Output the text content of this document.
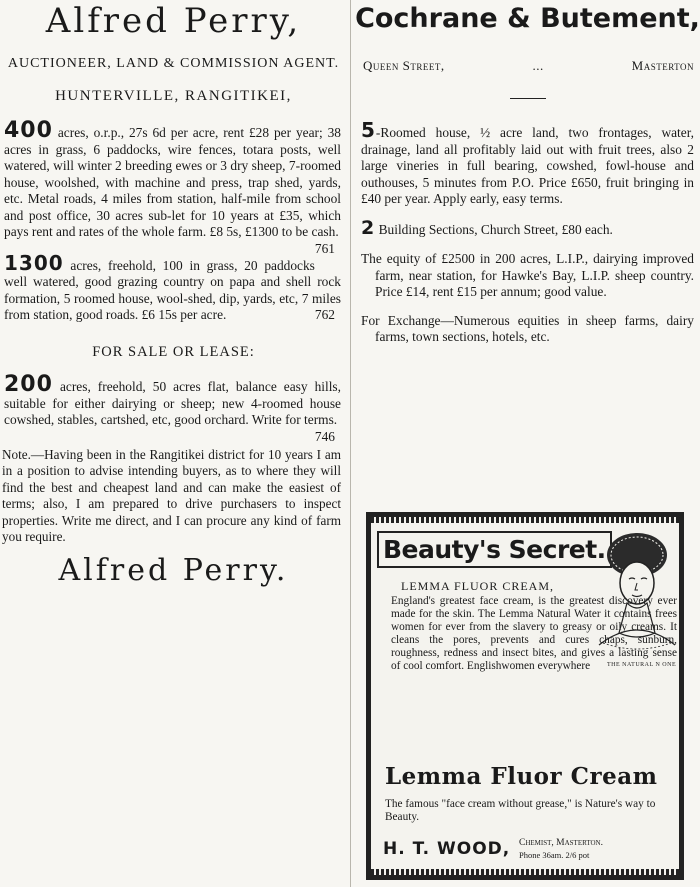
Alfred Perry,
AUCTIONEER, LAND & COMMISSION AGENT.
HUNTERVILLE, RANGITIKEI,

400 acres, o.r.p., 27s 6d per acre, rent £28 per year; 38 acres in grass, 6 paddocks, wire fences, totara posts, well watered, will winter 2 breeding ewes or 3 dry sheep, 7-roomed house, woolshed, with machine and press, trap shed, yards, etc. Metal roads, 4 miles from station, half-mile from school and post office, 30 acres sub-let for 10 years at £35, which pays rent and rates of the whole farm. £8 5s, £1300 to be cash.
761

1300 acres, freehold, 100 in grass, 20 paddocks well watered, good grazing country on papa and shell rock formation, 5 roomed house, wool-shed, dip, yards, etc, 7 miles from station, good roads. £6 15s per acre.	762

FOR SALE OR LEASE:

200 acres, freehold, 50 acres flat, balance easy hills, suitable for either dairying or sheep; new 4-roomed house cowshed, stables, cartshed, etc, good orchard. Write for terms.
746

Note.—Having been in the Rangitikei district for 10 years I am in a position to advise intending buyers, as to where they will find the best and cheapest land and can make the easiest of terms; also, I am prepared to drive purchasers to inspect properties. Write me direct, and I can procure any kind of farm you require.

Alfred Perry.
Cochrane & Butement,
Queen Street,	...	Masterton

5-Roomed house, ½ acre land, two frontages, water, drainage, land all profitably laid out with fruit trees, also 2 large vineries in full bearing, cowshed, fowl-house and outhouses, 5 minutes from P.O. Price £650, fruit bringing in £40 per year. Apply early, easy terms.

2 Building Sections, Church Street, £80 each.

The equity of £2500 in 200 acres, L.I.P., dairying improved farm, near station, for Hawke's Bay, L.I.P. sheep country. Price £14, rent £15 per annum; good value.

For Exchange—Numerous equities in sheep farms, dairy farms, town sections, hotels, etc.

Beauty's Secret.
THE NATURAL N ONE
LEMMA FLUOR CREAM,
England's greatest face cream, is the greatest discovery ever made for the skin. The Lemma Natural Water it contains frees women for ever from the slavery to greasy or oily creams. It cleans the pores, prevents and cures chaps, sunburn, roughness, redness and insect bites, and gives a lasting sense of cool comfort. Englishwomen everywhere
Lemma Fluor Cream
The famous "face cream without grease," is Nature's way to Beauty.
H. T. WOOD, Chemist, Masterton.
Phone 36am. 2/6 pot
